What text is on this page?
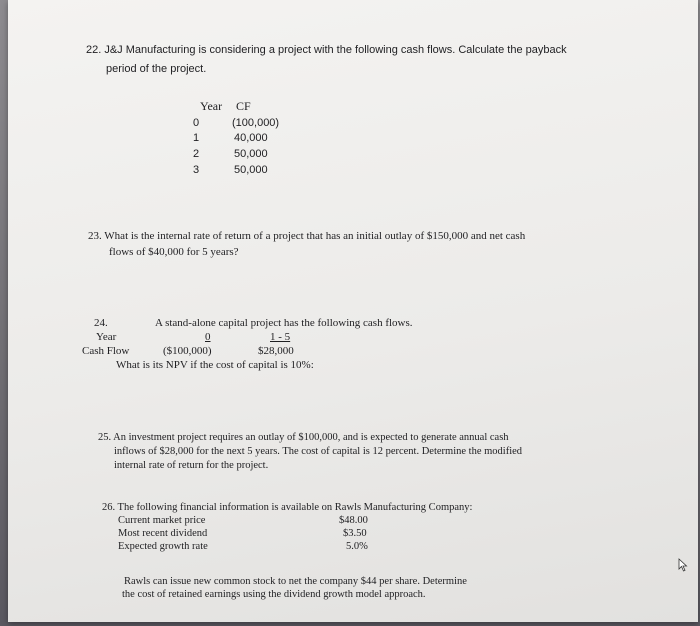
22. J&J Manufacturing is considering a project with the following cash flows. Calculate the payback
period of the project.
Year CF
0	(100,000)
1	40,000
2	50,000
3	50,000
23. What is the internal rate of return of a project that has an initial outlay of $150,000 and net cash
flows of $40,000 for 5 years?
24.	A stand-alone capital project has the following cash flows.
Year	0	1 - 5
Cash Flow	($100,000)	$28,000
What is its NPV if the cost of capital is 10%:
25. An investment project requires an outlay of $100,000, and is expected to generate annual cash
inflows of $28,000 for the next 5 years. The cost of capital is 12 percent. Determine the modified
internal rate of return for the project.
26. The following financial information is available on Rawls Manufacturing Company:
Current market price	$48.00
Most recent dividend	$3.50
Expected growth rate	5.0%
Rawls can issue new common stock to net the company $44 per share. Determine
the cost of retained earnings using the dividend growth model approach.
